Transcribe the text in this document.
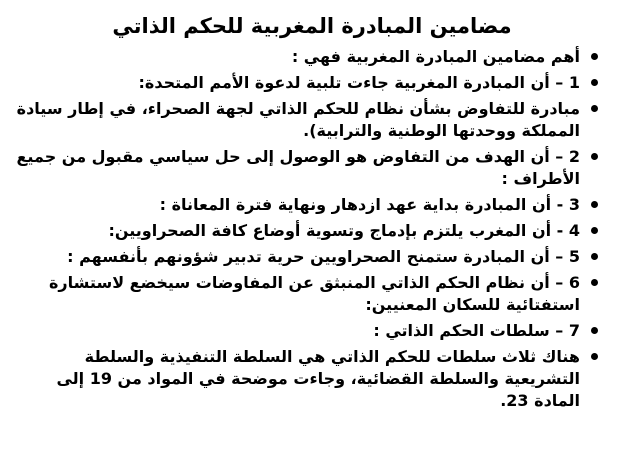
مضامين المبادرة المغربية للحكم الذاتي
أهم مضامين المبادرة المغربية فهي :
1 – أن المبادرة المغربية جاءت تلبية لدعوة الأمم المتحدة:
مبادرة للتفاوض بشأن نظام للحكم الذاتي لجهة الصحراء، في إطار سيادة المملكة ووحدتها الوطنية والترابية).
2 – أن الهدف من التفاوض هو الوصول إلى حل سياسي مقبول من جميع الأطراف :
3 - أن المبادرة بداية عهد ازدهار ونهاية فترة المعاناة :
4 - أن المغرب يلتزم بإدماج وتسوية أوضاع كافة الصحراويين:
5 – أن المبادرة ستمنح الصحراويين حرية تدبير شؤونهم بأنفسهم :
6 – أن نظام الحكم الذاتي المنبثق عن المفاوضات سيخضع لاستشارة استفتائية للسكان المعنيين:
7 – سلطات الحكم الذاتي :
هناك ثلاث سلطات للحكم الذاتي هي السلطة التنفيذية والسلطة التشريعية والسلطة القضائية، وجاءت موضحة في المواد من 19 إلى المادة 23.
